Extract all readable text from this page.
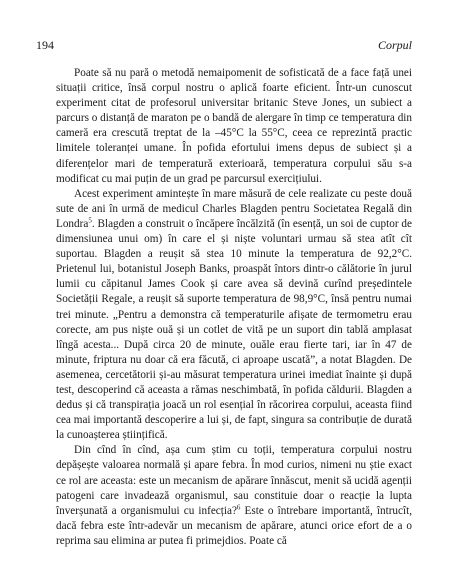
194	Corpul

Poate să nu pară o metodă nemaipomenit de sofisticată de a face față unei situații critice, însă corpul nostru o aplică foarte eficient. Într-un cunoscut experiment citat de profesorul universitar britanic Steve Jones, un subiect a parcurs o distanță de maraton pe o bandă de alergare în timp ce temperatura din cameră era crescută treptat de la –45°C la 55°C, ceea ce reprezintă practic limitele toleranței umane. În pofida efortului imens depus de subiect și a diferențelor mari de temperatură exterioară, temperatura corpului său s-a modificat cu mai puțin de un grad pe parcursul exercițiului.

Acest experiment amintește în mare măsură de cele realizate cu peste două sute de ani în urmă de medicul Charles Blagden pentru Societatea Regală din Londra$^5$. Blagden a construit o încăpere încălzită (în esență, un soi de cuptor de dimensiunea unui om) în care el și niște voluntari urmau să stea atît cît suportau. Blagden a reușit să stea 10 minute la temperatura de 92,2°C. Prietenul lui, botanistul Joseph Banks, proaspăt întors dintr-o călătorie în jurul lumii cu căpitanul James Cook și care avea să devină curînd președintele Societății Regale, a reușit să suporte temperatura de 98,9°C, însă pentru numai trei minute. „Pentru a demonstra că temperaturile afișate de termometru erau corecte, am pus niște ouă și un cotlet de vită pe un suport din tablă amplasat lîngă acesta... După circa 20 de minute, ouăle erau fierte tari, iar în 47 de minute, friptura nu doar că era făcută, ci aproape uscată”, a notat Blagden. De asemenea, cercetătorii și-au măsurat temperatura urinei imediat înainte și după test, descoperind că aceasta a rămas neschimbată, în pofida căldurii. Blagden a dedus și că transpirația joacă un rol esențial în răcorirea corpului, aceasta fiind cea mai importantă descoperire a lui și, de fapt, singura sa contribuție de durată la cunoașterea științifică.

Din cînd în cînd, așa cum știm cu toții, temperatura corpului nostru depășește valoarea normală și apare febra. În mod curios, nimeni nu știe exact ce rol are aceasta: este un mecanism de apărare înnăscut, menit să ucidă agenții patogeni care invadează organismul, sau constituie doar o reacție la lupta înverșunată a organismului cu infecția?$^6$ Este o întrebare importantă, întrucît, dacă febra este într-adevăr un mecanism de apărare, atunci orice efort de a o reprima sau elimina ar putea fi primejdios. Poate că
